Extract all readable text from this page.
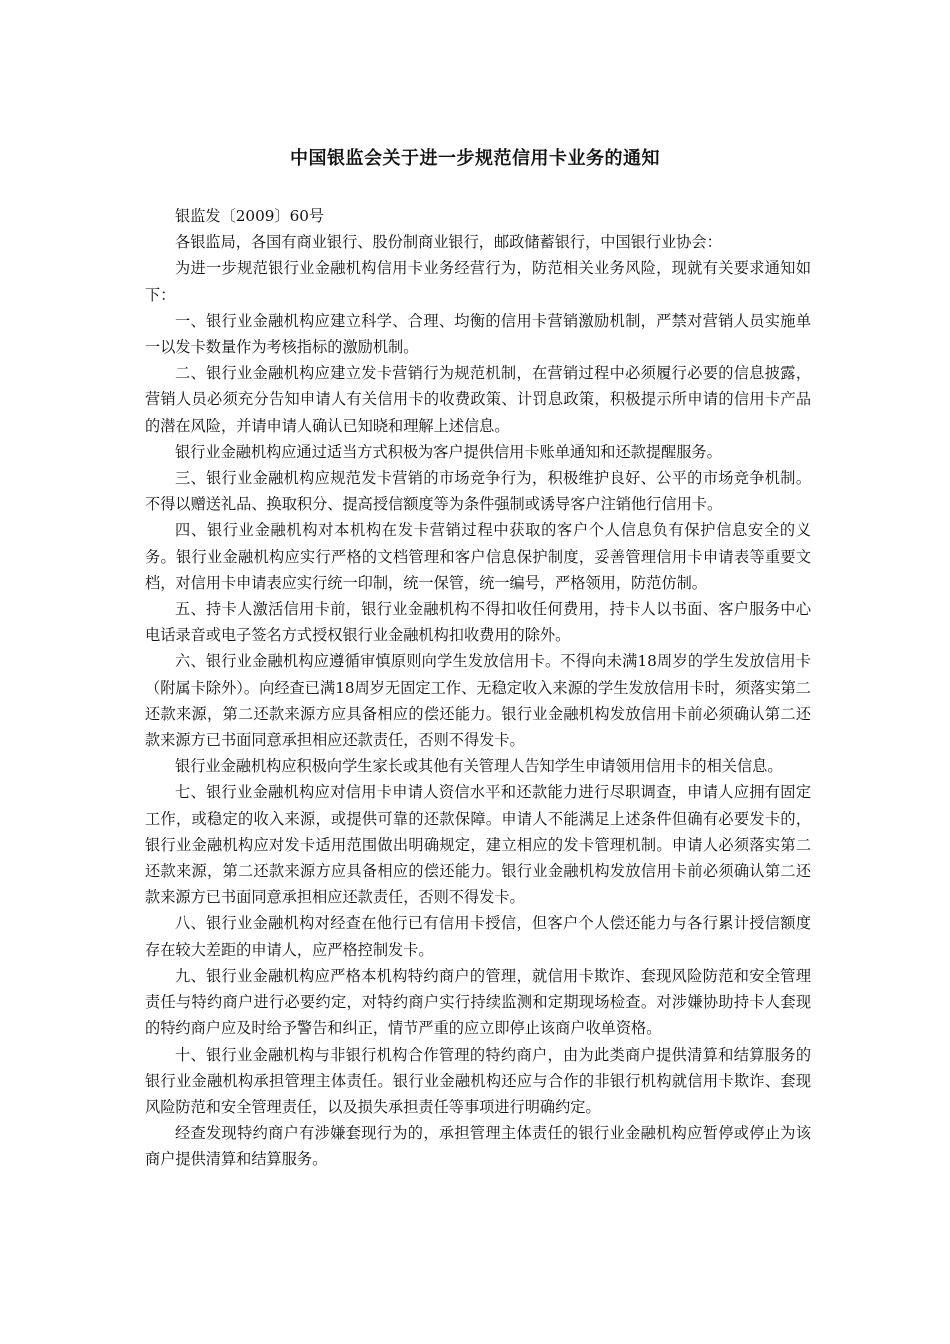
中国银监会关于进一步规范信用卡业务的通知

银监发〔2009〕60号

各银监局，各国有商业银行、股份制商业银行，邮政储蓄银行，中国银行业协会：

为进一步规范银行业金融机构信用卡业务经营行为，防范相关业务风险，现就有关要求通知如下：

一、银行业金融机构应建立科学、合理、均衡的信用卡营销激励机制，严禁对营销人员实施单一以发卡数量作为考核指标的激励机制。

二、银行业金融机构应建立发卡营销行为规范机制，在营销过程中必须履行必要的信息披露，营销人员必须充分告知申请人有关信用卡的收费政策、计罚息政策，积极提示所申请的信用卡产品的潜在风险，并请申请人确认已知晓和理解上述信息。

银行业金融机构应通过适当方式积极为客户提供信用卡账单通知和还款提醒服务。

三、银行业金融机构应规范发卡营销的市场竞争行为，积极维护良好、公平的市场竞争机制。不得以赠送礼品、换取积分、提高授信额度等为条件强制或诱导客户注销他行信用卡。

四、银行业金融机构对本机构在发卡营销过程中获取的客户个人信息负有保护信息安全的义务。银行业金融机构应实行严格的文档管理和客户信息保护制度，妥善管理信用卡申请表等重要文档，对信用卡申请表应实行统一印制，统一保管，统一编号，严格领用，防范仿制。

五、持卡人激活信用卡前，银行业金融机构不得扣收任何费用，持卡人以书面、客户服务中心电话录音或电子签名方式授权银行业金融机构扣收费用的除外。

六、银行业金融机构应遵循审慎原则向学生发放信用卡。不得向未满18周岁的学生发放信用卡（附属卡除外）。向经查已满18周岁无固定工作、无稳定收入来源的学生发放信用卡时，须落实第二还款来源，第二还款来源方应具备相应的偿还能力。银行业金融机构发放信用卡前必须确认第二还款来源方已书面同意承担相应还款责任，否则不得发卡。

银行业金融机构应积极向学生家长或其他有关管理人告知学生申请领用信用卡的相关信息。

七、银行业金融机构应对信用卡申请人资信水平和还款能力进行尽职调查，申请人应拥有固定工作，或稳定的收入来源，或提供可靠的还款保障。申请人不能满足上述条件但确有必要发卡的，银行业金融机构应对发卡适用范围做出明确规定，建立相应的发卡管理机制。申请人必须落实第二还款来源，第二还款来源方应具备相应的偿还能力。银行业金融机构发放信用卡前必须确认第二还款来源方已书面同意承担相应还款责任，否则不得发卡。

八、银行业金融机构对经查在他行已有信用卡授信，但客户个人偿还能力与各行累计授信额度存在较大差距的申请人，应严格控制发卡。

九、银行业金融机构应严格本机构特约商户的管理，就信用卡欺诈、套现风险防范和安全管理责任与特约商户进行必要约定，对特约商户实行持续监测和定期现场检查。对涉嫌协助持卡人套现的特约商户应及时给予警告和纠正，情节严重的应立即停止该商户收单资格。

十、银行业金融机构与非银行机构合作管理的特约商户，由为此类商户提供清算和结算服务的银行业金融机构承担管理主体责任。银行业金融机构还应与合作的非银行机构就信用卡欺诈、套现风险防范和安全管理责任，以及损失承担责任等事项进行明确约定。

经查发现特约商户有涉嫌套现行为的，承担管理主体责任的银行业金融机构应暂停或停止为该商户提供清算和结算服务。
